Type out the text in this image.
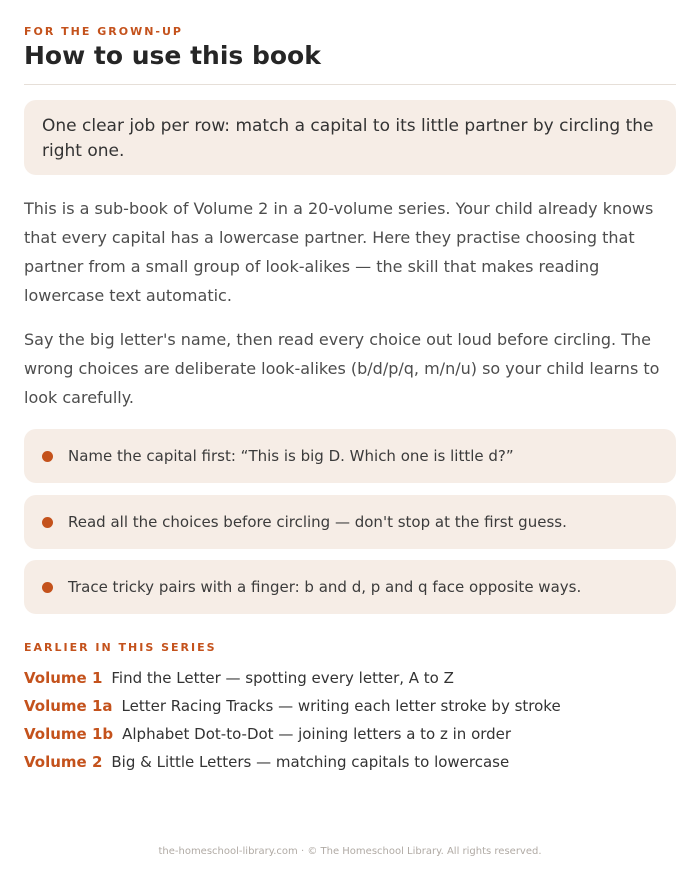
FOR THE GROWN-UP
How to use this book
One clear job per row: match a capital to its little partner by circling the right one.

This is a sub-book of Volume 2 in a 20-volume series. Your child already knows that every capital has a lowercase partner. Here they practise choosing that partner from a small group of look-alikes — the skill that makes reading lowercase text automatic.

Say the big letter's name, then read every choice out loud before circling. The wrong choices are deliberate look-alikes (b/d/p/q, m/n/u) so your child learns to look carefully.

Name the capital first: “This is big D. Which one is little d?”
Read all the choices before circling — don't stop at the first guess.
Trace tricky pairs with a finger: b and d, p and q face opposite ways.
EARLIER IN THIS SERIES
Volume 1 Find the Letter — spotting every letter, A to Z
Volume 1a Letter Racing Tracks — writing each letter stroke by stroke
Volume 1b Alphabet Dot-to-Dot — joining letters a to z in order
Volume 2 Big & Little Letters — matching capitals to lowercase
the-homeschool-library.com · © The Homeschool Library. All rights reserved.
